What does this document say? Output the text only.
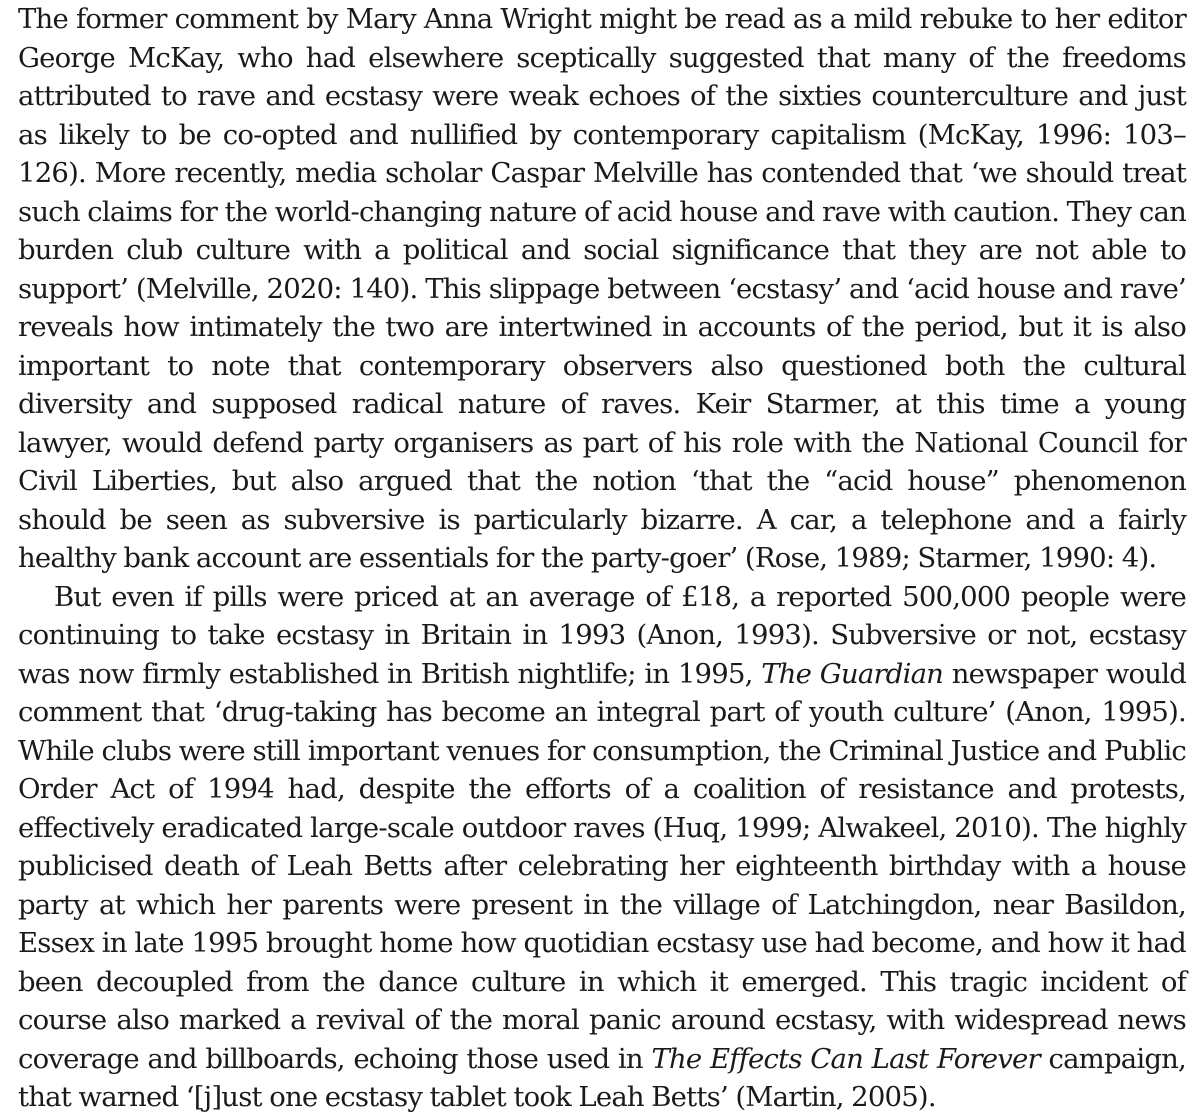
The former comment by Mary Anna Wright might be read as a mild rebuke to her editor George McKay, who had elsewhere sceptically suggested that many of the freedoms attributed to rave and ecstasy were weak echoes of the sixties counterculture and just as likely to be co-opted and nullified by contemporary capitalism (McKay, 1996: 103–126). More recently, media scholar Caspar Melville has contended that ‘we should treat such claims for the world-changing nature of acid house and rave with caution. They can burden club culture with a political and social significance that they are not able to support’ (Melville, 2020: 140). This slippage between ‘ecstasy’ and ‘acid house and rave’ reveals how intimately the two are intertwined in accounts of the period, but it is also important to note that contemporary observers also questioned both the cultural diversity and supposed radical nature of raves. Keir Starmer, at this time a young lawyer, would defend party organisers as part of his role with the National Council for Civil Liberties, but also argued that the notion ‘that the “acid house” phenomenon should be seen as subversive is particularly bizarre. A car, a telephone and a fairly healthy bank account are essentials for the party-goer’ (Rose, 1989; Starmer, 1990: 4).

But even if pills were priced at an average of £18, a reported 500,000 people were continuing to take ecstasy in Britain in 1993 (Anon, 1993). Subversive or not, ecstasy was now firmly established in British nightlife; in 1995, The Guardian newspaper would comment that ‘drug-taking has become an integral part of youth culture’ (Anon, 1995). While clubs were still important venues for consumption, the Criminal Justice and Public Order Act of 1994 had, despite the efforts of a coalition of resistance and protests, effectively eradicated large-scale outdoor raves (Huq, 1999; Alwakeel, 2010). The highly publicised death of Leah Betts after celebrating her eighteenth birthday with a house party at which her parents were present in the village of Latchingdon, near Basildon, Essex in late 1995 brought home how quotidian ecstasy use had become, and how it had been decoupled from the dance culture in which it emerged. This tragic incident of course also marked a revival of the moral panic around ecstasy, with widespread news coverage and billboards, echoing those used in The Effects Can Last Forever campaign, that warned ‘[j]ust one ecstasy tablet took Leah Betts’ (Martin, 2005).
